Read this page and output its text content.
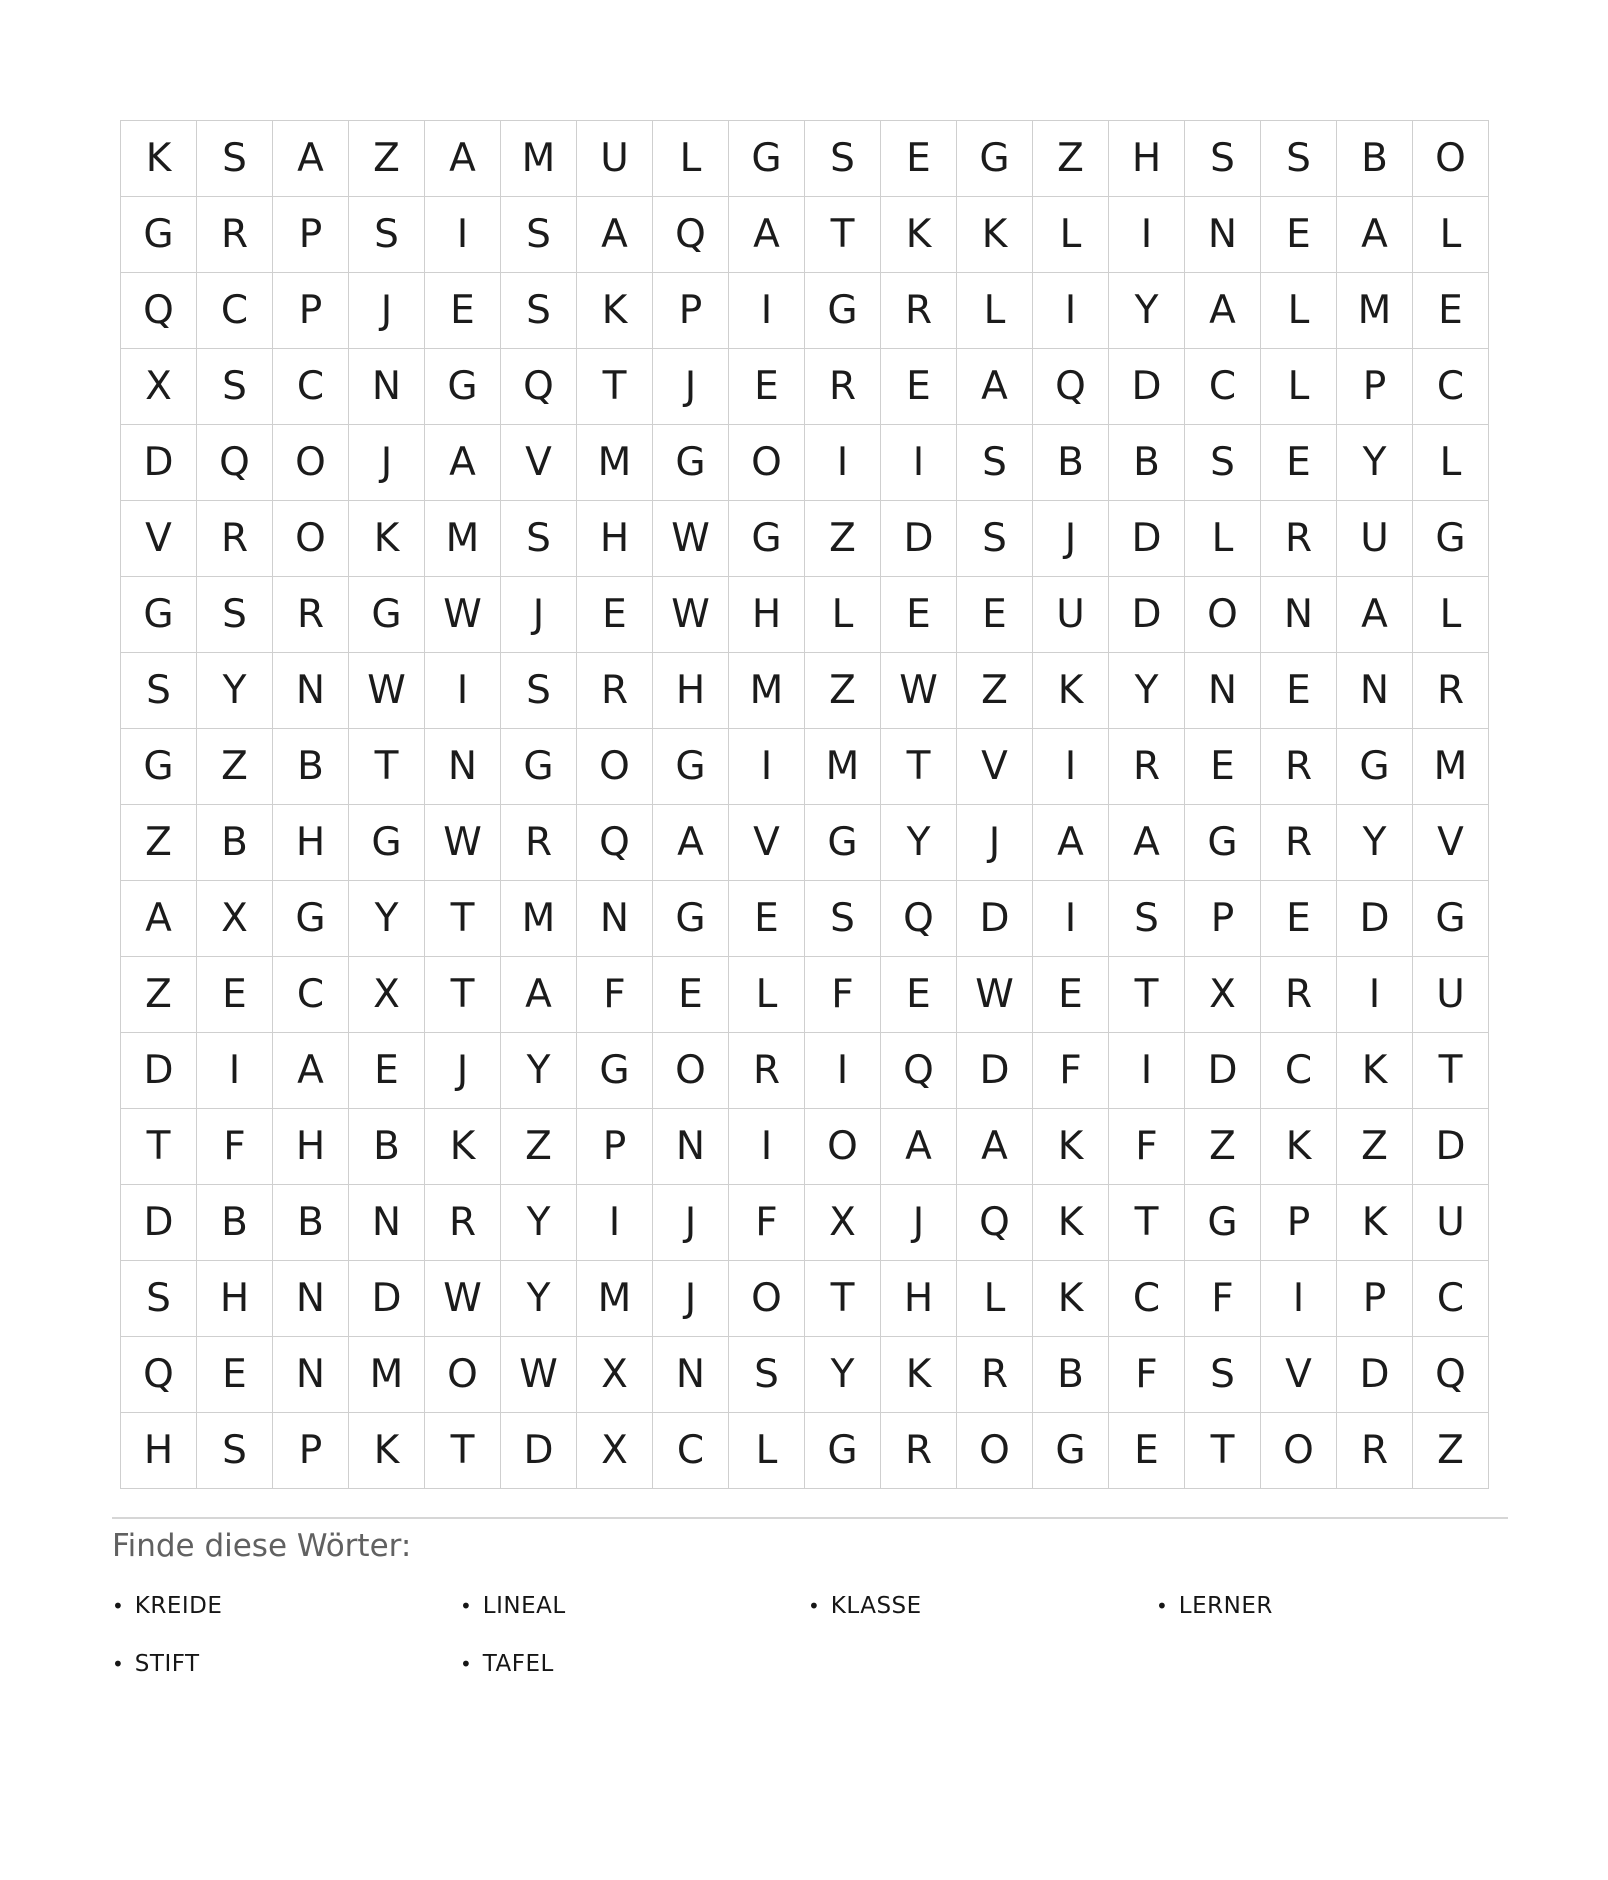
K	S	A	Z	A	M	U	L	G	S	E	G	Z	H	S	S	B	O
G	R	P	S	I	S	A	Q	A	T	K	K	L	I	N	E	A	L
Q	C	P	J	E	S	K	P	I	G	R	L	I	Y	A	L	M	E
X	S	C	N	G	Q	T	J	E	R	E	A	Q	D	C	L	P	C
D	Q	O	J	A	V	M	G	O	I	I	S	B	B	S	E	Y	L
V	R	O	K	M	S	H	W	G	Z	D	S	J	D	L	R	U	G
G	S	R	G	W	J	E	W	H	L	E	E	U	D	O	N	A	L
S	Y	N	W	I	S	R	H	M	Z	W	Z	K	Y	N	E	N	R
G	Z	B	T	N	G	O	G	I	M	T	V	I	R	E	R	G	M
Z	B	H	G	W	R	Q	A	V	G	Y	J	A	A	G	R	Y	V
A	X	G	Y	T	M	N	G	E	S	Q	D	I	S	P	E	D	G
Z	E	C	X	T	A	F	E	L	F	E	W	E	T	X	R	I	U
D	I	A	E	J	Y	G	O	R	I	Q	D	F	I	D	C	K	T
T	F	H	B	K	Z	P	N	I	O	A	A	K	F	Z	K	Z	D
D	B	B	N	R	Y	I	J	F	X	J	Q	K	T	G	P	K	U
S	H	N	D	W	Y	M	J	O	T	H	L	K	C	F	I	P	C
Q	E	N	M	O	W	X	N	S	Y	K	R	B	F	S	V	D	Q
H	S	P	K	T	D	X	C	L	G	R	O	G	E	T	O	R	Z
Finde diese Wörter:
• KREIDE	• LINEAL	• KLASSE	• LERNER
• STIFT	• TAFEL
